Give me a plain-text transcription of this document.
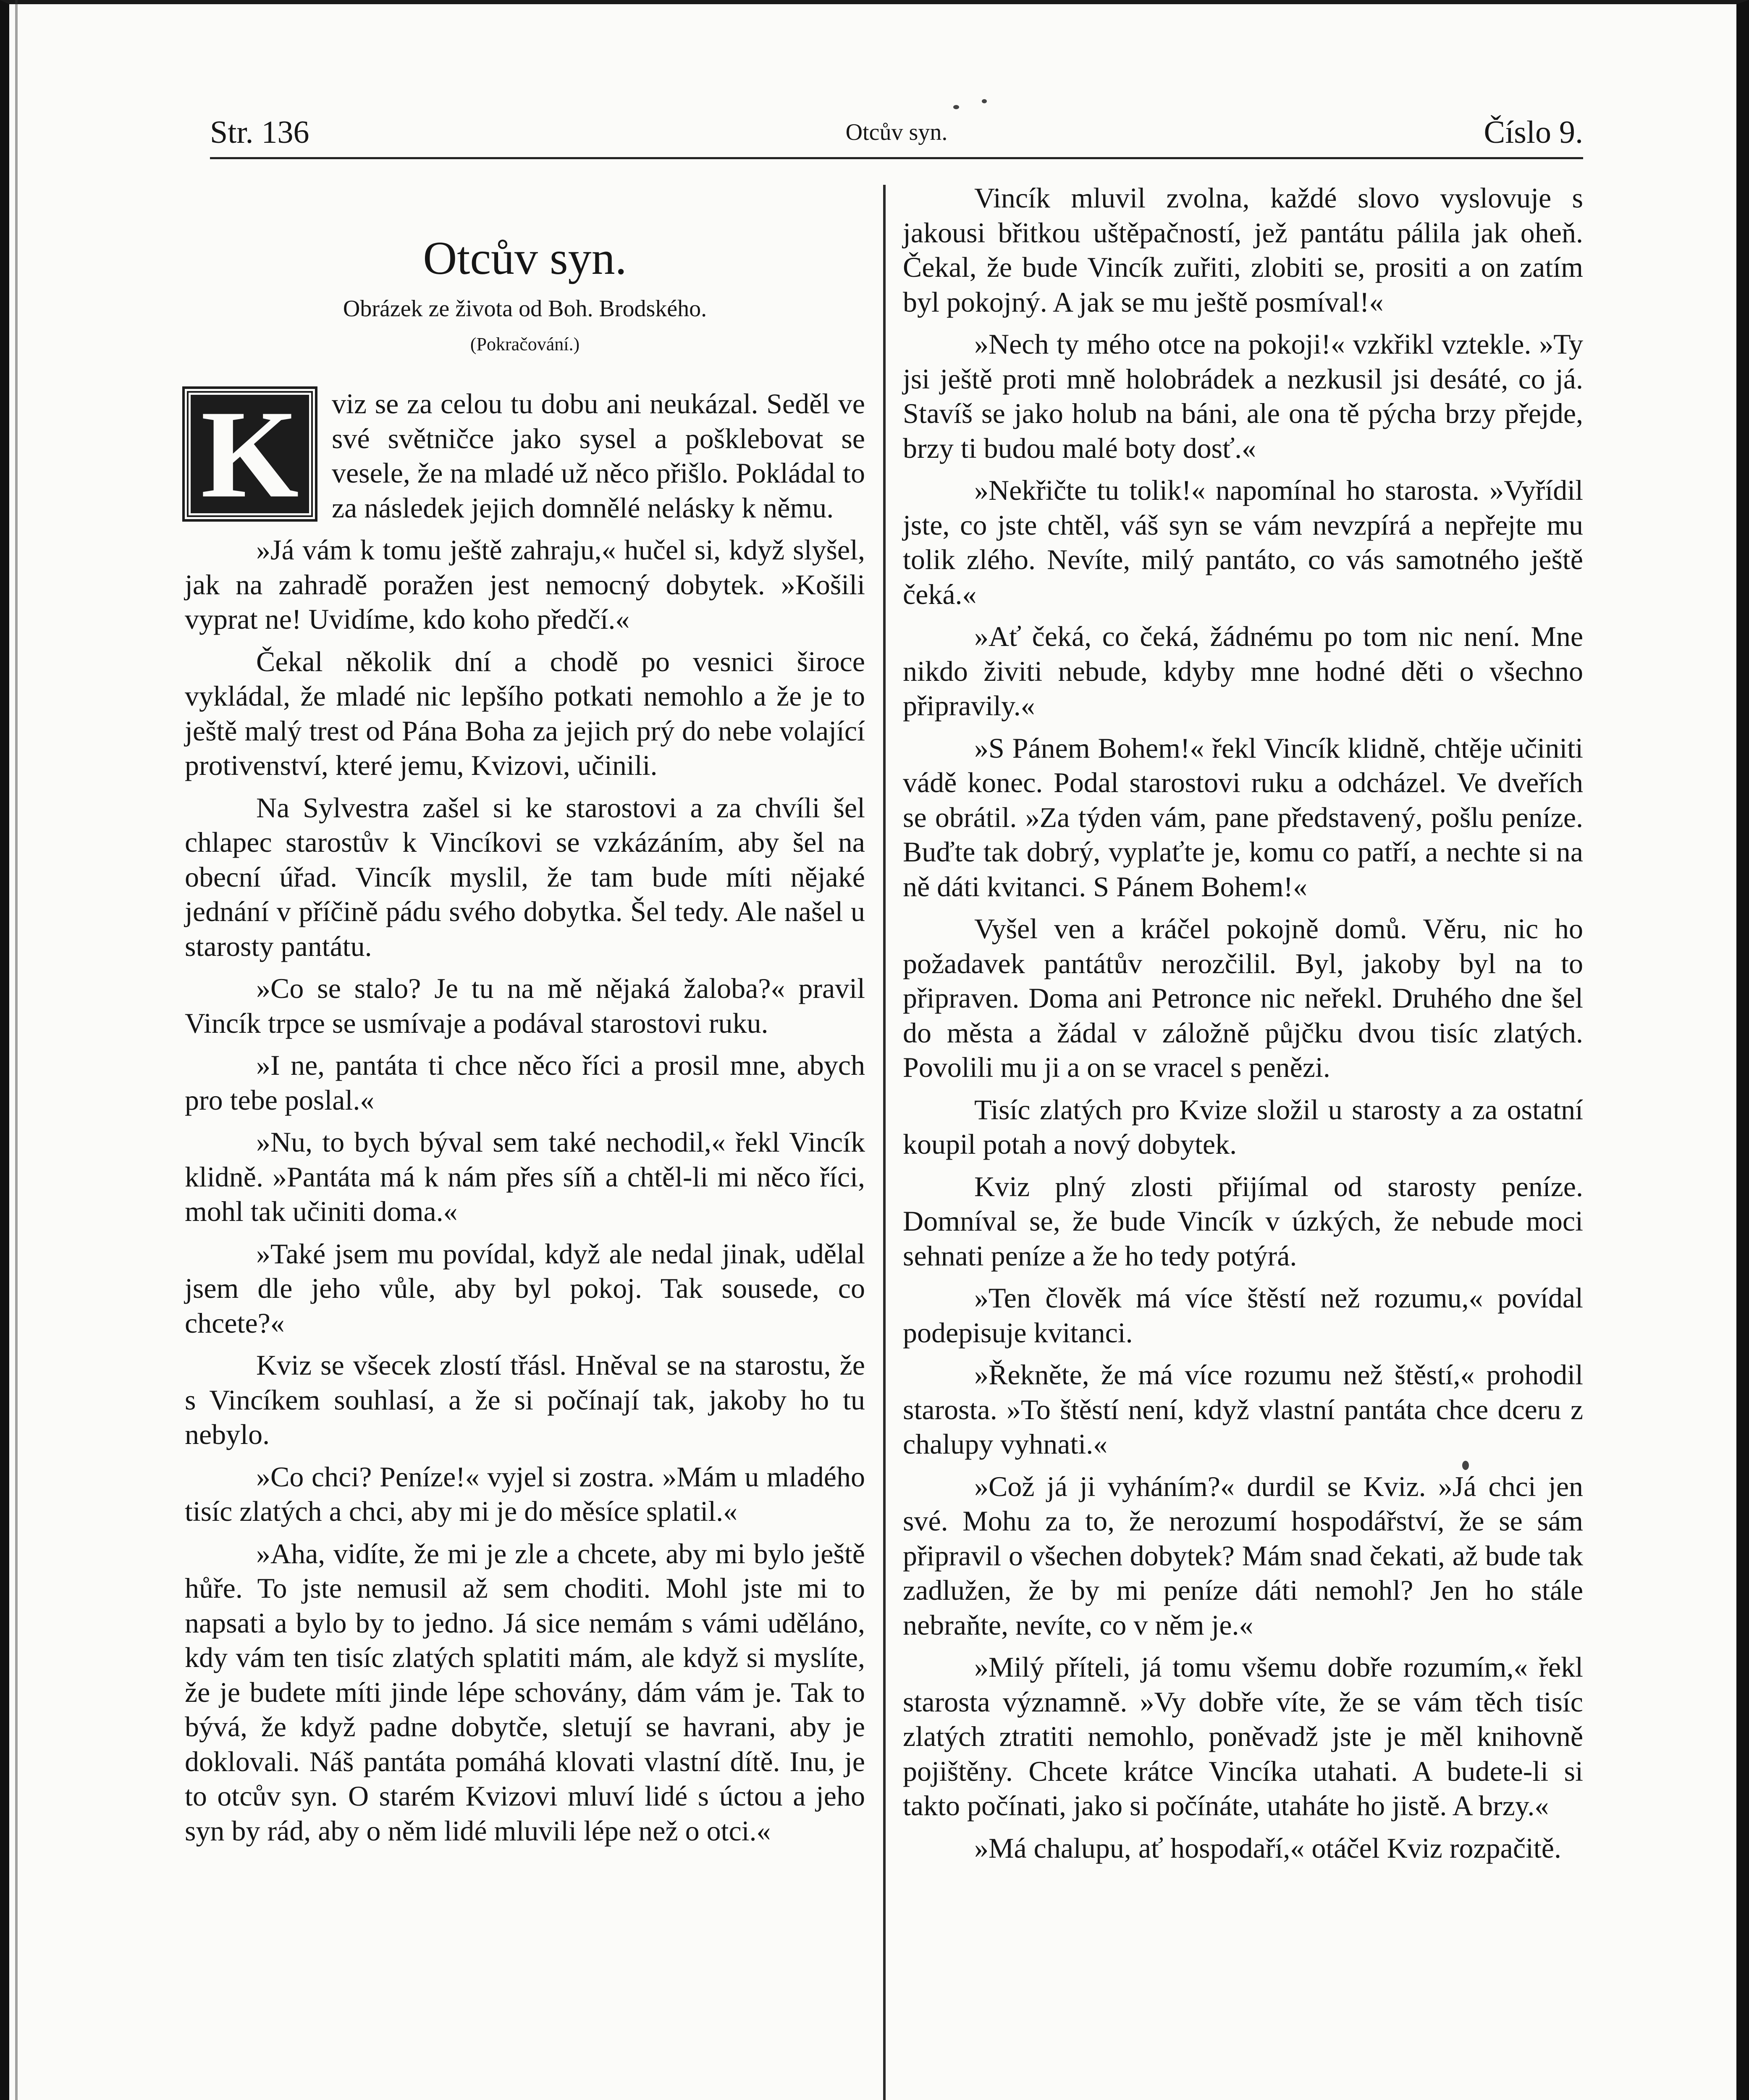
Str. 136	Otcův syn.	Číslo 9.
Otcův syn.
Obrázek ze života od Boh. Brodského.
(Pokračování.)

K	viz se za celou tu dobu ani neukázal. Seděl ve své světničce jako sysel a pošklebovat se vesele, že na mladé už něco přišlo. Pokládal to za následek jejich domnělé nelásky k němu.

»Já vám k tomu ještě zahraju,« hučel si, když slyšel, jak na zahradě poražen jest nemocný dobytek. »Košili vyprat ne! Uvidíme, kdo koho předčí.«

Čekal několik dní a chodě po vesnici široce vykládal, že mladé nic lepšího potkati nemohlo a že je to ještě malý trest od Pána Boha za jejich prý do nebe volající protivenství, které jemu, Kvizovi, učinili.

Na Sylvestra zašel si ke starostovi a za chvíli šel chlapec starostův k Vincíkovi se vzkázáním, aby šel na obecní úřad. Vincík myslil, že tam bude míti nějaké jednání v příčině pádu svého dobytka. Šel tedy. Ale našel u starosty pantátu.

»Co se stalo? Je tu na mě nějaká žaloba?« pravil Vincík trpce se usmívaje a podával starostovi ruku.

»I ne, pantáta ti chce něco říci a prosil mne, abych pro tebe poslal.«

»Nu, to bych býval sem také nechodil,« řekl Vincík klidně. »Pantáta má k nám přes síň a chtěl-li mi něco říci, mohl tak učiniti doma.«

»Také jsem mu povídal, když ale nedal jinak, udělal jsem dle jeho vůle, aby byl pokoj. Tak sousede, co chcete?«

Kviz se všecek zlostí třásl. Hněval se na starostu, že s Vincíkem souhlasí, a že si počínají tak, jakoby ho tu nebylo.

»Co chci? Peníze!« vyjel si zostra. »Mám u mladého tisíc zlatých a chci, aby mi je do měsíce splatil.«

»Aha, vidíte, že mi je zle a chcete, aby mi bylo ještě hůře. To jste nemusil až sem choditi. Mohl jste mi to napsati a bylo by to jedno. Já sice nemám s vámi uděláno, kdy vám ten tisíc zlatých splatiti mám, ale když si myslíte, že je budete míti jinde lépe schovány, dám vám je. Tak to bývá, že když padne dobytče, sletují se havrani, aby je doklovali. Náš pantáta pomáhá klovati vlastní dítě. Inu, je to otcův syn. O starém Kvizovi mluví lidé s úctou a jeho syn by rád, aby o něm lidé mluvili lépe než o otci.«

Vincík mluvil zvolna, každé slovo vyslovuje s jakousi břitkou uštěpačností, jež pantátu pálila jak oheň. Čekal, že bude Vincík zuřiti, zlobiti se, prositi a on zatím byl pokojný. A jak se mu ještě posmíval!«

»Nech ty mého otce na pokoji!« vzkřikl vztekle. »Ty jsi ještě proti mně holobrádek a nezkusil jsi desáté, co já. Stavíš se jako holub na báni, ale ona tě pýcha brzy přejde, brzy ti budou malé boty dosť.«

»Nekřičte tu tolik!« napomínal ho starosta. »Vyřídil jste, co jste chtěl, váš syn se vám nevzpírá a nepřejte mu tolik zlého. Nevíte, milý pantáto, co vás samotného ještě čeká.«

»Ať čeká, co čeká, žádnému po tom nic není. Mne nikdo živiti nebude, kdyby mne hodné děti o všechno připravily.«

»S Pánem Bohem!« řekl Vincík klidně, chtěje učiniti vádě konec. Podal starostovi ruku a odcházel. Ve dveřích se obrátil. »Za týden vám, pane představený, pošlu peníze. Buďte tak dobrý, vyplaťte je, komu co patří, a nechte si na ně dáti kvitanci. S Pánem Bohem!«

Vyšel ven a kráčel pokojně domů. Věru, nic ho požadavek pantátův nerozčilil. Byl, jakoby byl na to připraven. Doma ani Petronce nic neřekl. Druhého dne šel do města a žádal v záložně půjčku dvou tisíc zlatých. Povolili mu ji a on se vracel s penězi.

Tisíc zlatých pro Kvize složil u starosty a za ostatní koupil potah a nový dobytek.

Kviz plný zlosti přijímal od starosty peníze. Domníval se, že bude Vincík v úzkých, že nebude moci sehnati peníze a že ho tedy potýrá.

»Ten člověk má více štěstí než rozumu,« povídal podepisuje kvitanci.

»Řekněte, že má více rozumu než štěstí,« prohodil starosta. »To štěstí není, když vlastní pantáta chce dceru z chalupy vyhnati.«

»Což já ji vyháním?« durdil se Kviz. »Já chci jen své. Mohu za to, že nerozumí hospodářství, že se sám připravil o všechen dobytek? Mám snad čekati, až bude tak zadlužen, že by mi peníze dáti nemohl? Jen ho stále nebraňte, nevíte, co v něm je.«

»Milý příteli, já tomu všemu dobře rozumím,« řekl starosta významně. »Vy dobře víte, že se vám těch tisíc zlatých ztratiti nemohlo, poněvadž jste je měl knihovně pojištěny. Chcete krátce Vincíka utahati. A budete-li si takto počínati, jako si počínáte, utaháte ho jistě. A brzy.«

»Má chalupu, ať hospodaří,« otáčel Kviz rozpačitě.
